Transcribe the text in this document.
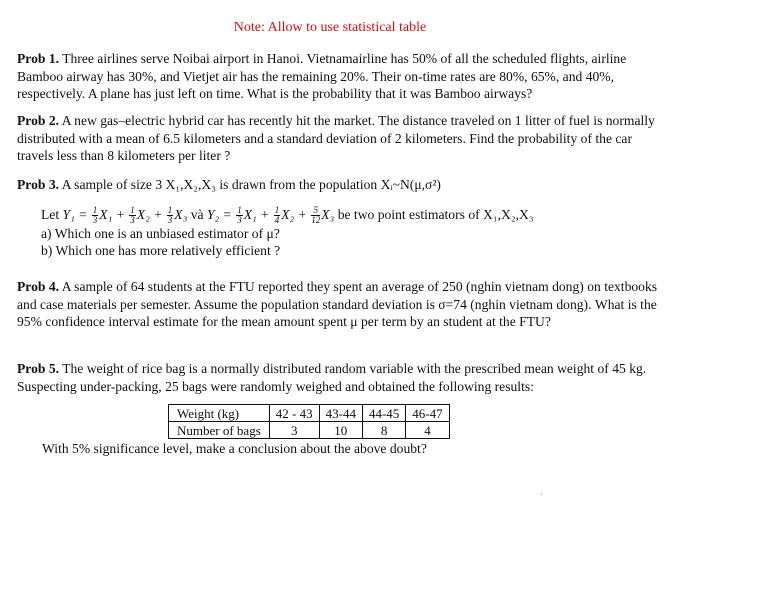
Note: Allow to use statistical table
Prob 1. Three airlines serve Noibai airport in Hanoi. Vietnamairline has 50% of all the scheduled flights, airline Bamboo airway has 30%, and Vietjet air has the remaining 20%. Their on-time rates are 80%, 65%, and 40%, respectively. A plane has just left on time. What is the probability that it was Bamboo airways?
Prob 2. A new gas–electric hybrid car has recently hit the market. The distance traveled on 1 litter of fuel is normally distributed with a mean of 6.5 kilometers and a standard deviation of 2 kilometers. Find the probability of the car travels less than 8 kilometers per liter ?
Prob 3. A sample of size 3 X₁,X₂,X₃ is drawn from the population Xᵢ~N(μ,σ²)
Let $Y_1 = \frac{1}{3} X_1 + \frac{1}{3} X_2 + \frac{1}{3} X_3$ và $Y_2 = \frac{1}{3} X_1 + \frac{1}{4} X_2 + \frac{5}{12} X_3$ be two point estimators of X₁,X₂,X₃
a) Which one is an unbiased estimator of μ?
b) Which one has more relatively efficient ?
Prob 4. A sample of 64 students at the FTU reported they spent an average of 250 (nghin vietnam dong) on textbooks and case materials per semester. Assume the population standard deviation is σ=74 (nghin vietnam dong). What is the 95% confidence interval estimate for the mean amount spent μ per term by an student at the FTU?
Prob 5. The weight of rice bag is a normally distributed random variable with the prescribed mean weight of 45 kg. Suspecting under-packing, 25 bags were randomly weighed and obtained the following results:
Weight (kg)	42 - 43	43-44	44-45	46-47
Number of bags	3	10	8	4
With 5% significance level, make a conclusion about the above doubt?
·
